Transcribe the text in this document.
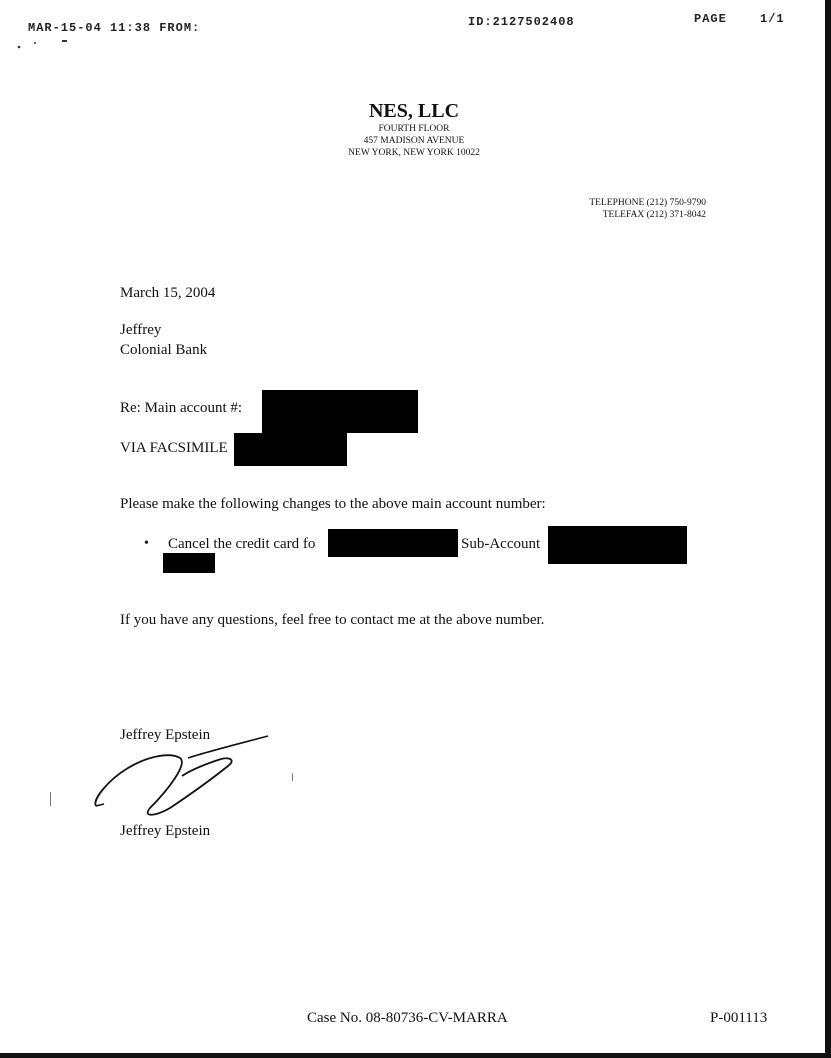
MAR-15-04 11:38 FROM:	ID:2127502408	PAGE	1/1
NES, LLC
FOURTH FLOOR
457 MADISON AVENUE
NEW YORK, NEW YORK 10022
TELEPHONE (212) 750-9790
TELEFAX (212) 371-8042
March 15, 2004
Jeffrey
Colonial Bank
Re: Main account #:
VIA FACSIMILE
Please make the following changes to the above main account number:
• Cancel the credit card fo	Sub-Account
If you have any questions, feel free to contact me at the above number.
Jeffrey Epstein
Jeffrey Epstein
Case No. 08-80736-CV-MARRA	P-001113
